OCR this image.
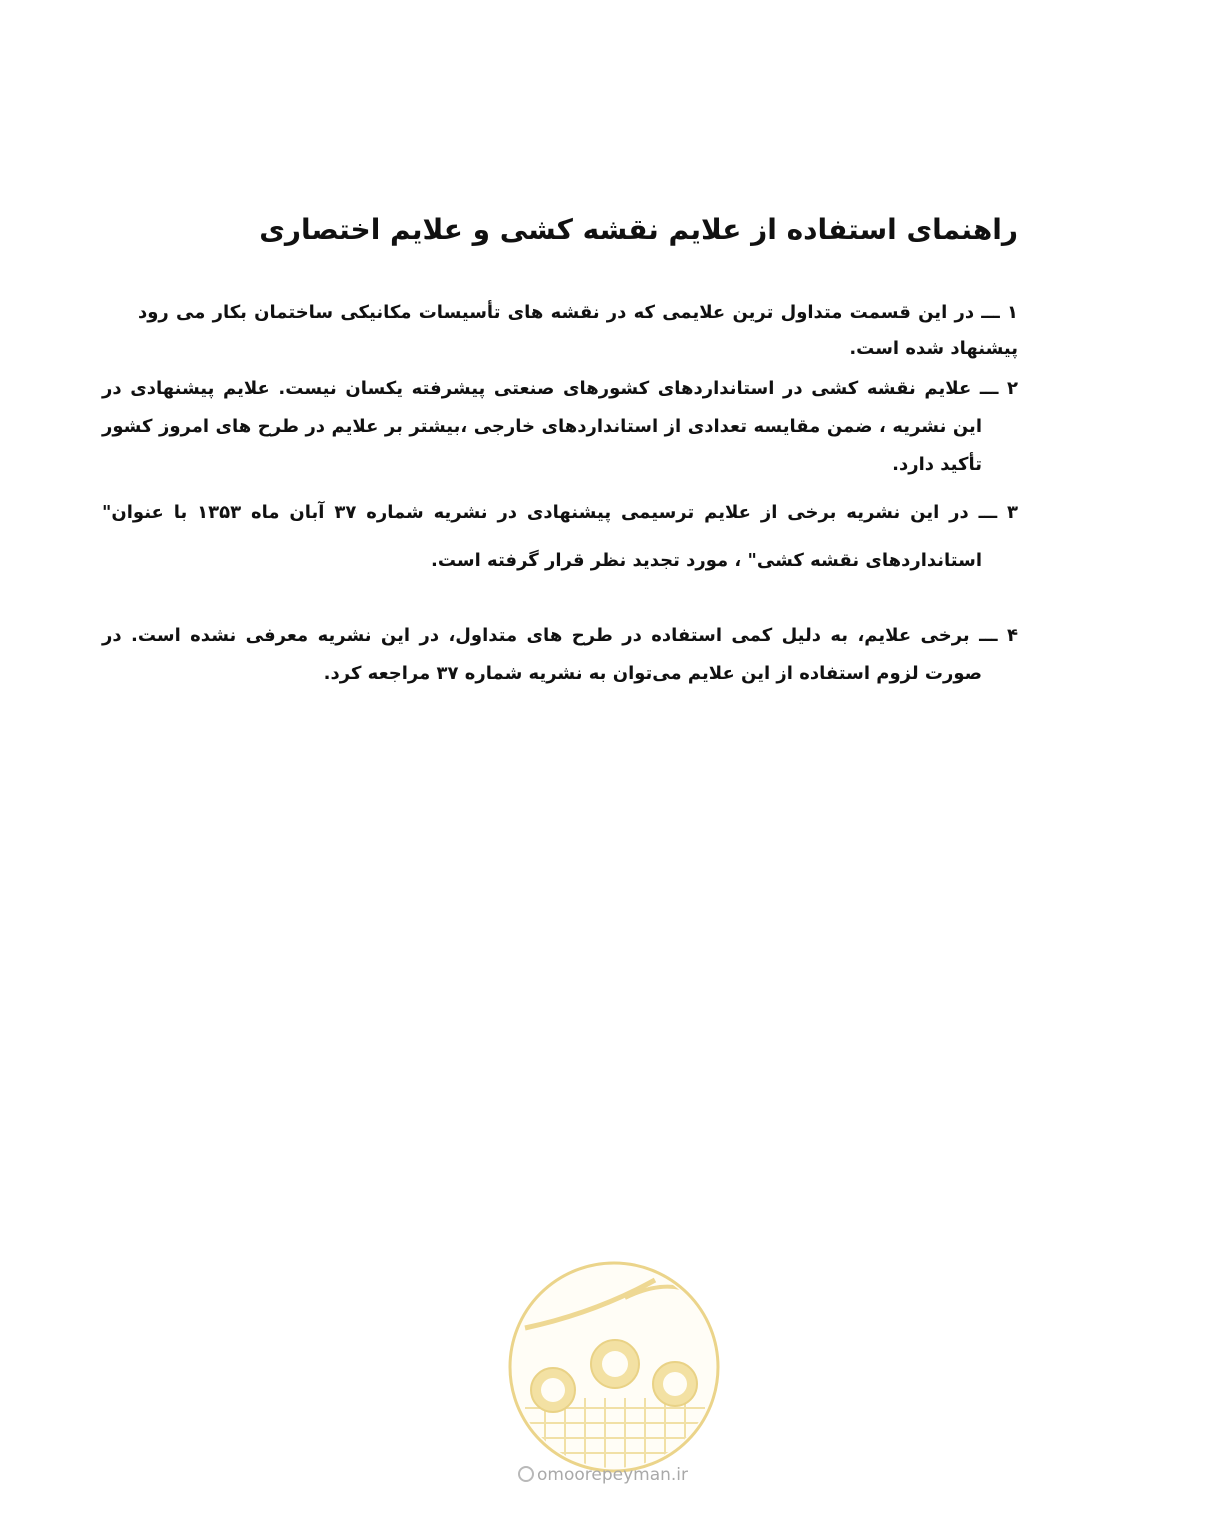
راهنمای استفاده از علایم نقشه کشی و علایم اختصاری

۱ ـــ در این قسمت متداول ترین علایمی که در نقشه های تأسیسات مکانیکی ساختمان بکار می رود پیشنهاد شده است.

۲ ـــ علایم نقشه کشی در استانداردهای کشورهای صنعتی پیشرفته یکسان نیست. علایم پیشنهادی در این نشریه ، ضمن مقایسه تعدادی از استانداردهای خارجی ،بیشتر بر علایم در طرح های امروز کشور تأکید دارد.

۳ ـــ در این نشریه برخی از علایم ترسیمی پیشنهادی در نشریه شماره ۳۷ آبان ماه ۱۳۵۳ با عنوان" استانداردهای نقشه کشی" ، مورد تجدید نظر قرار گرفته است.

۴ ـــ برخی علایم، به دلیل کمی استفاده در طرح های متداول، در این نشریه معرفی نشده است. در صورت لزوم استفاده از این علایم می‌توان به نشریه شماره ۳۷ مراجعه کرد.

omoorepeyman.ir
